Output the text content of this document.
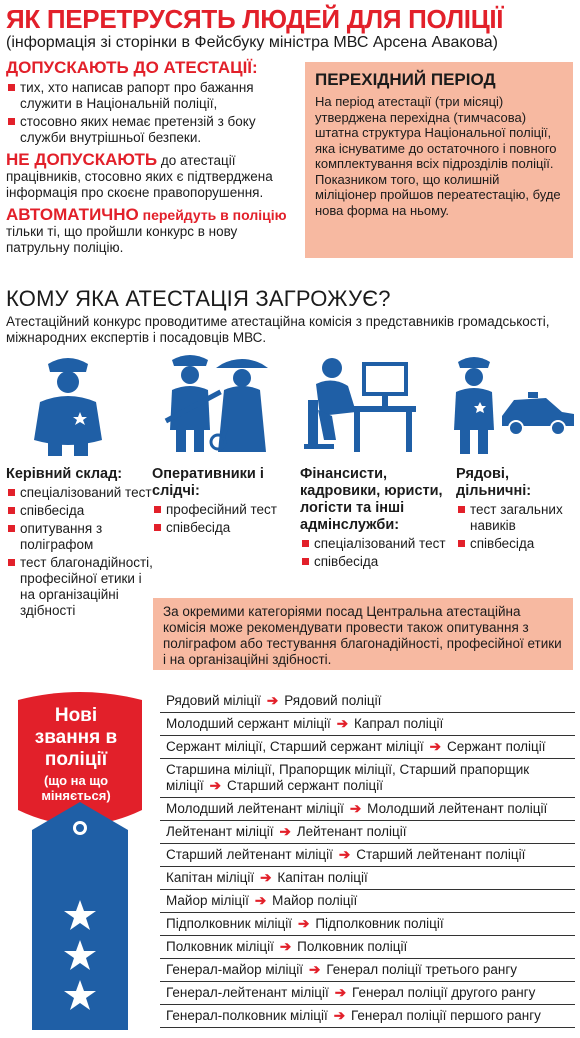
ЯК ПЕРЕТРУСЯТЬ ЛЮДЕЙ ДЛЯ ПОЛІЦІЇ
(інформація зі сторінки в Фейсбуку міністра МВС Арсена Авакова)
ДОПУСКАЮТЬ ДО АТЕСТАЦІЇ:
тих, хто написав рапорт про бажання служити в Національній поліції,
стосовно яких немає претензій з боку служби внутрішньої безпеки.
НЕ ДОПУСКАЮТЬ до атестації працівників, стосовно яких є підтверджена інформація про скоєне правопорушення.
АВТОМАТИЧНО перейдуть в поліцію тільки ті, що пройшли конкурс в нову патрульну поліцію.
ПЕРЕХІДНИЙ ПЕРІОД
На період атестації (три місяці) утверджена перехідна (тимчасова) штатна структура Національної поліції, яка існуватиме до остаточного і повного комплектування всіх підрозділів поліції.
Показником того, що колишній міліціонер пройшов переатестацію, буде нова форма на ньому.
КОМУ ЯКА АТЕСТАЦІЯ ЗАГРОЖУЄ?
Атестаційний конкурс проводитиме атестаційна комісія з представників громадськості, міжнародних експертів і посадовців МВС.
Керівний склад:
спеціалізований тест
співбесіда
опитування з поліграфом
тест благонадійності, професійної етики і на організаційні здібності
Оперативники і слідчі:
професійний тест
співбесіда
Фінансисти, кадровики, юристи, логісти та інші адмінслужби:
спеціалізований тест
співбесіда
Рядові, дільничні:
тест загальних навиків
співбесіда
За окремими категоріями посад Центральна атестаційна комісія може рекомендувати провести також опитування з поліграфом або тестування благонадійності, професійної етики і на організаційні здібності.
Нові звання в поліції
(що на що міняється)
Рядовий міліції ➔ Рядовий поліції
Молодший сержант міліції ➔ Капрал поліції
Сержант міліції, Старший сержант міліції ➔ Сержант поліції
Старшина міліції, Прапорщик міліції, Старший прапорщик міліції ➔ Старший сержант поліції
Молодший лейтенант міліції ➔ Молодший лейтенант поліції
Лейтенант міліції ➔ Лейтенант поліції
Старший лейтенант міліції ➔ Старший лейтенант поліції
Капітан міліції ➔ Капітан поліції
Майор міліції ➔ Майор поліції
Підполковник міліції ➔ Підполковник поліції
Полковник міліції ➔ Полковник поліції
Генерал-майор міліції ➔ Генерал поліції третього рангу
Генерал-лейтенант міліції ➔ Генерал поліції другого рангу
Генерал-полковник міліції ➔ Генерал поліції першого рангу
